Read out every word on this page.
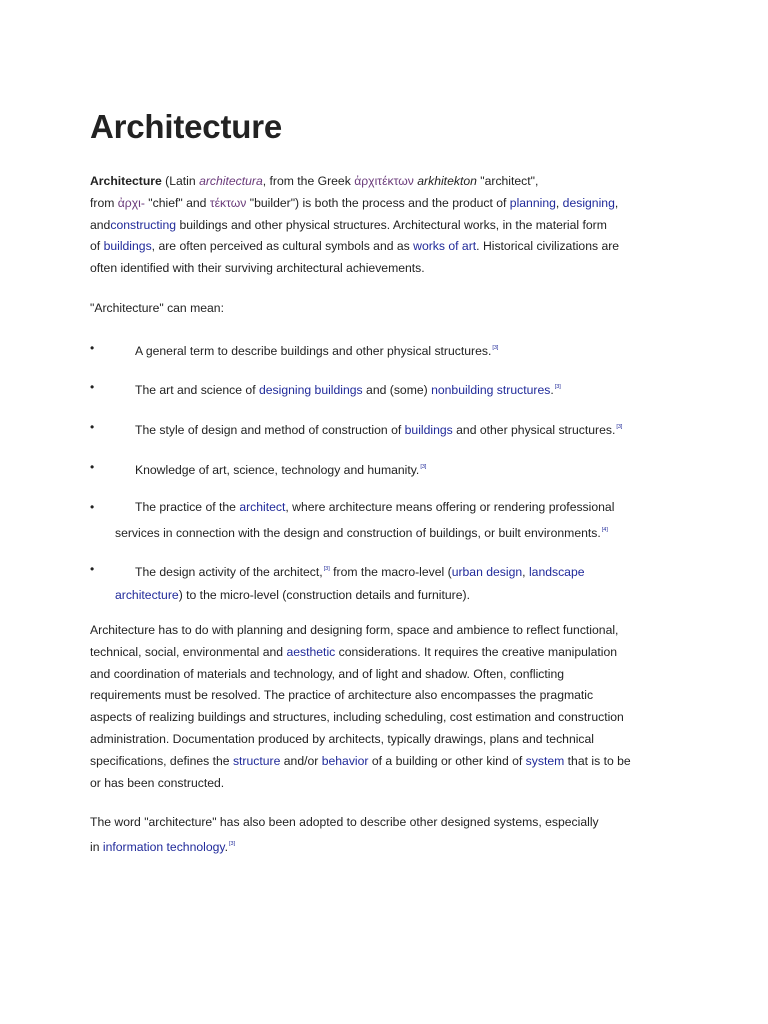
Architecture
Architecture (Latin architectura, from the Greek ἀρχιτέκτων arkhitekton "architect",
from ἀρχι- "chief" and τέκτων "builder") is both the process and the product of planning, designing,
andconstructing buildings and other physical structures. Architectural works, in the material form
of buildings, are often perceived as cultural symbols and as works of art. Historical civilizations are
often identified with their surviving architectural achievements.
"Architecture" can mean:
•	A general term to describe buildings and other physical structures.[3]
•	The art and science of designing buildings and (some) nonbuilding structures.[3]
•	The style of design and method of construction of buildings and other physical structures.[3]
•	Knowledge of art, science, technology and humanity.[3]
•	The practice of the architect, where architecture means offering or rendering professional
services in connection with the design and construction of buildings, or built environments.[4]
•	The design activity of the architect,[3] from the macro-level (urban design, landscape
architecture) to the micro-level (construction details and furniture).
Architecture has to do with planning and designing form, space and ambience to reflect functional,
technical, social, environmental and aesthetic considerations. It requires the creative manipulation
and coordination of materials and technology, and of light and shadow. Often, conflicting
requirements must be resolved. The practice of architecture also encompasses the pragmatic
aspects of realizing buildings and structures, including scheduling, cost estimation and construction
administration. Documentation produced by architects, typically drawings, plans and technical
specifications, defines the structure and/or behavior of a building or other kind of system that is to be
or has been constructed.
The word "architecture" has also been adopted to describe other designed systems, especially
in information technology.[3]
